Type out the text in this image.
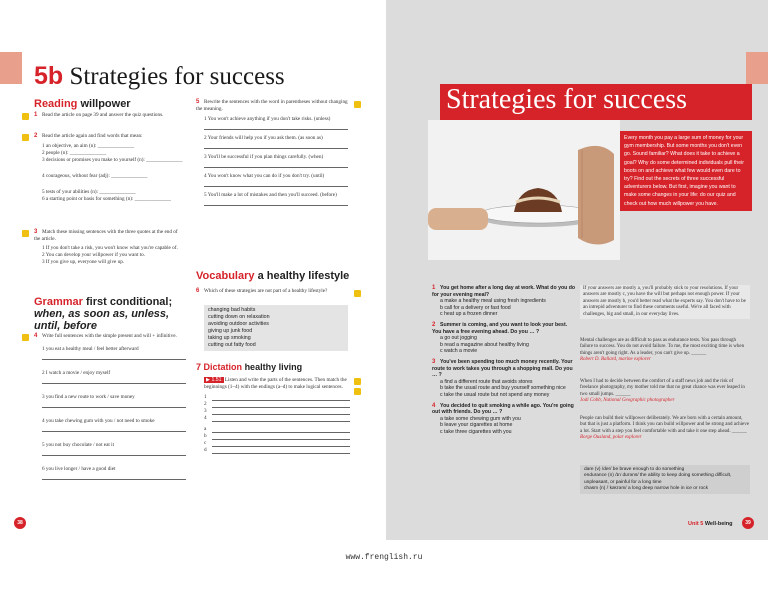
5b Strategies for success
Reading willpower
1 Read the article on page 39 and answer the quiz questions.
2 Read the article again and find words that mean:
1 an objective, an aim (n): ______________
2 people (n): ______________
3 decisions or promises you make to yourself (n): ______________
4 courageous, without fear (adj): ______________
5 tests of your abilities (n): ______________
6 a starting point or basis for something (n): ______________
3 Match these missing sentences with the three quotes at the end of the article.
1 If you don't take a risk, you won't know what you're capable of.
2 You can develop your willpower if you want to.
3 If you give up, everyone will give up.
Grammar first conditional;
when, as soon as, unless, until, before
4 Write full sentences with the simple present and will + infinitive.
1 you eat a healthy meal / feel better afterward
2 I watch a movie / enjoy myself
3 you find a new route to work / save money
4 you take chewing gum with you / not need to smoke
5 you not buy chocolate / not eat it
6 you live longer / have a good diet
5 Rewrite the sentences with the word in parentheses without changing the meaning.
1 You won't achieve anything if you don't take risks. (unless)
2 Your friends will help you if you ask them. (as soon as)
3 You'll be successful if you plan things carefully. (when)
4 You won't know what you can do if you don't try. (until)
5 You'll make a lot of mistakes and then you'll succeed. (before)
Vocabulary a healthy lifestyle
6 Which of these strategies are not part of a healthy lifestyle?
changing bad habits
cutting down on relaxation
avoiding outdoor activities
giving up junk food
taking up smoking
cutting out fatty food
7 Dictation healthy living
▶ 1.51 Listen and write the parts of the sentences. Then match the beginnings (1–4) with the endings (a–d) to make logical sentences.
1
2
3
4
a
b
c
d
38
Strategies for success
Every month you pay a large sum of money for your gym membership. But some months you don't even go. Sound familiar? What does it take to achieve a goal? Why do some determined individuals pull their boots on and achieve what few would even dare to try? Find out the secrets of three successful adventurers below. But first, imagine you want to make some changes in your life: do our quiz and check out how much willpower you have.
1 You get home after a long day at work. What do you do for your evening meal?
a make a healthy meal using fresh ingredients
b call for a delivery or fast food
c heat up a frozen dinner
2 Summer is coming, and you want to look your best. You have a free evening ahead. Do you … ?
a go out jogging
b read a magazine about healthy living
c watch a movie
3 You've been spending too much money recently. Your route to work takes you through a shopping mall. Do you … ?
a find a different route that avoids stores
b take the usual route and buy yourself something nice
c take the usual route but not spend any money
4 You decided to quit smoking a while ago. You're going out with friends. Do you … ?
a take some chewing gum with you
b leave your cigarettes at home
c take three cigarettes with you
If your answers are mostly a, you'll probably stick to your resolutions. If your answers are mostly c, you have the will but perhaps not enough power. If your answers are mostly b, you'd better read what the experts say. You don't have to be an intrepid adventurer to find these comments useful. We're all faced with challenges, big and small, in our everyday lives.
Mental challenges are as difficult to pass as endurance tests. You pass through failure to success. You do not avoid failure. To me, the most exciting time is when things aren't going right. As a leader, you can't give up. ______
Robert D. Ballard, marine explorer
When I had to decide between the comfort of a staff news job and the risk of freelance photography, my mother told me that no great chance was ever leaped in two small jumps. ______
Jodi Cobb, National Geographic photographer
People can build their willpower deliberately. We are born with a certain amount, but that is just a platform. I think you can build willpower and be strong and achieve a lot. Start with a step you feel comfortable with and take it one step ahead. ______
Borge Ousland, polar explorer
dare (v) /der/ be brave enough to do something
endurance (n) /ɪnˈdʊrəns/ the ability to keep doing something difficult, unpleasant, or painful for a long time
chasm (n) /ˈkæzəm/ a long deep narrow hole in ice or rock
Unit 5 Well-being	39
www.frenglish.ru
